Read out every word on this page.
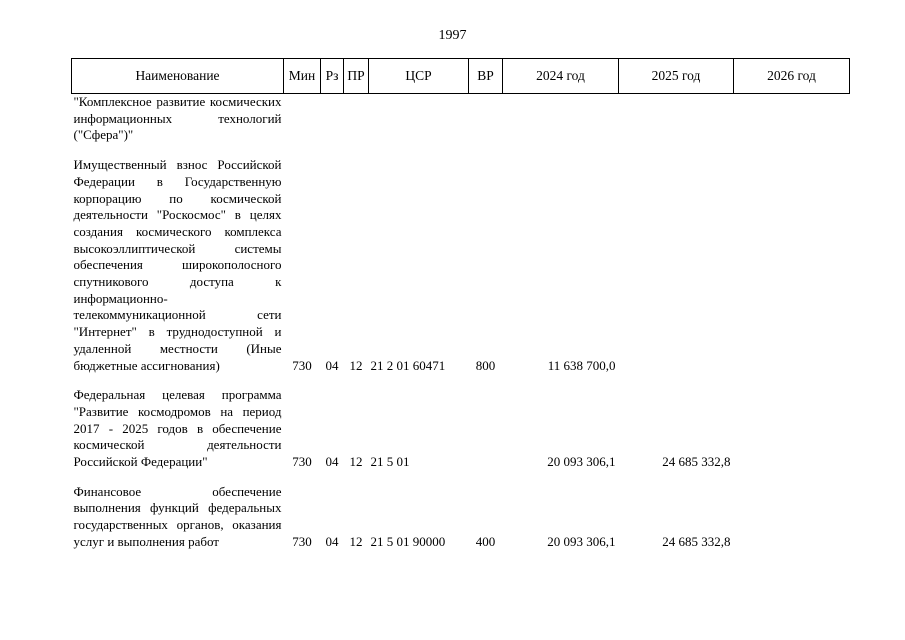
1997
Наименование	Мин	Рз	ПР	ЦСР	ВР	2024 год	2025 год	2026 год
"Комплексное развитие космических информационных технологий ("Сфера")"								

Имущественный взнос Российской Федерации в Государственную корпорацию по космической деятельности "Роскосмос" в целях создания космического комплекса высокоэллиптической системы обеспечения широкополосного спутникового доступа к информационно-телекоммуникационной сети "Интернет" в труднодоступной и удаленной местности (Иные бюджетные ассигнования)	730	04	12	21 2 01 60471	800	11 638 700,0		

Федеральная целевая программа "Развитие космодромов на период 2017 - 2025 годов в обеспечение космической деятельности Российской Федерации"	730	04	12	21 5 01		20 093 306,1	24 685 332,8	

Финансовое обеспечение выполнения функций федеральных государственных органов, оказания услуг и выполнения работ	730	04	12	21 5 01 90000	400	20 093 306,1	24 685 332,8	
